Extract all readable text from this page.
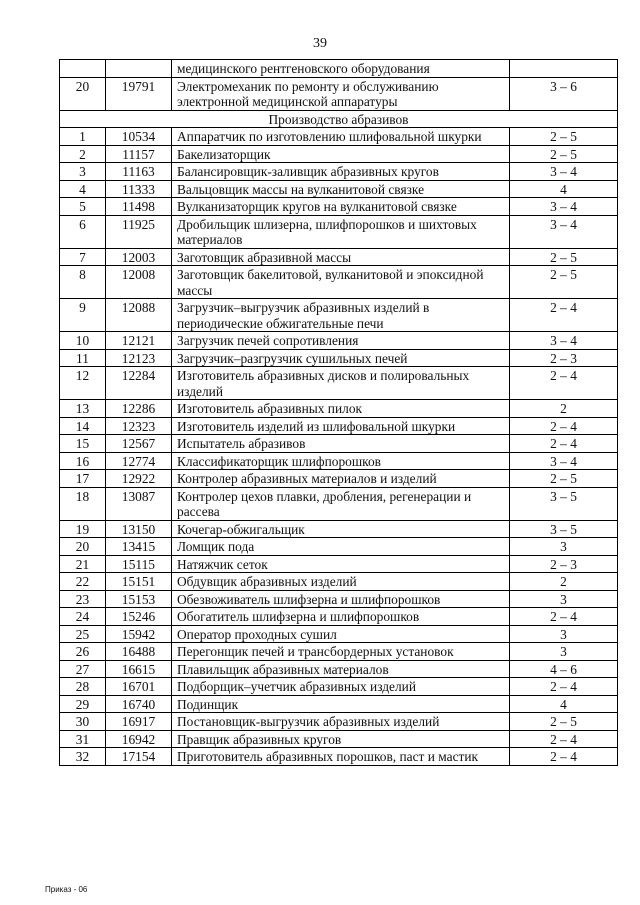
39
		медицинского рентгеновского оборудования	
20	19791	Электромеханик по ремонту и обслуживанию электронной медицинской аппаратуры	3 – 6
Производство абразивов			
1	10534	Аппаратчик по изготовлению шлифовальной шкурки	2 – 5
2	11157	Бакелизаторщик	2 – 5
3	11163	Балансировщик-заливщик абразивных кругов	3 – 4
4	11333	Вальцовщик массы на вулканитовой связке	4
5	11498	Вулканизаторщик кругов на вулканитовой связке	3 – 4
6	11925	Дробильщик шлизерна, шлифпорошков и шихтовых материалов	3 – 4
7	12003	Заготовщик абразивной массы	2 – 5
8	12008	Заготовщик бакелитовой, вулканитовой и эпоксидной массы	2 – 5
9	12088	Загрузчик–выгрузчик абразивных изделий в периодические обжигательные печи	2 – 4
10	12121	Загрузчик печей сопротивления	3 – 4
11	12123	Загрузчик–разгрузчик сушильных печей	2 – 3
12	12284	Изготовитель абразивных дисков и полировальных изделий	2 – 4
13	12286	Изготовитель абразивных пилок	2
14	12323	Изготовитель изделий из шлифовальной шкурки	2 – 4
15	12567	Испытатель абразивов	2 – 4
16	12774	Классификаторщик шлифпорошков	3 – 4
17	12922	Контролер абразивных материалов и изделий	2 – 5
18	13087	Контролер цехов плавки, дробления, регенерации и рассева	3 – 5
19	13150	Кочегар-обжигальщик	3 – 5
20	13415	Ломщик пода	3
21	15115	Натяжчик сеток	2 – 3
22	15151	Обдувщик абразивных изделий	2
23	15153	Обезвоживатель шлифзерна и шлифпорошков	3
24	15246	Обогатитель шлифзерна и шлифпорошков	2 – 4
25	15942	Оператор проходных сушил	3
26	16488	Перегонщик печей и трансбордерных установок	3
27	16615	Плавильщик абразивных материалов	4 – 6
28	16701	Подборщик–учетчик абразивных изделий	2 – 4
29	16740	Подинщик	4
30	16917	Постановщик-выгрузчик абразивных изделий	2 – 5
31	16942	Правщик абразивных кругов	2 – 4
32	17154	Приготовитель абразивных порошков, паст и мастик	2 – 4
Приказ - 06
